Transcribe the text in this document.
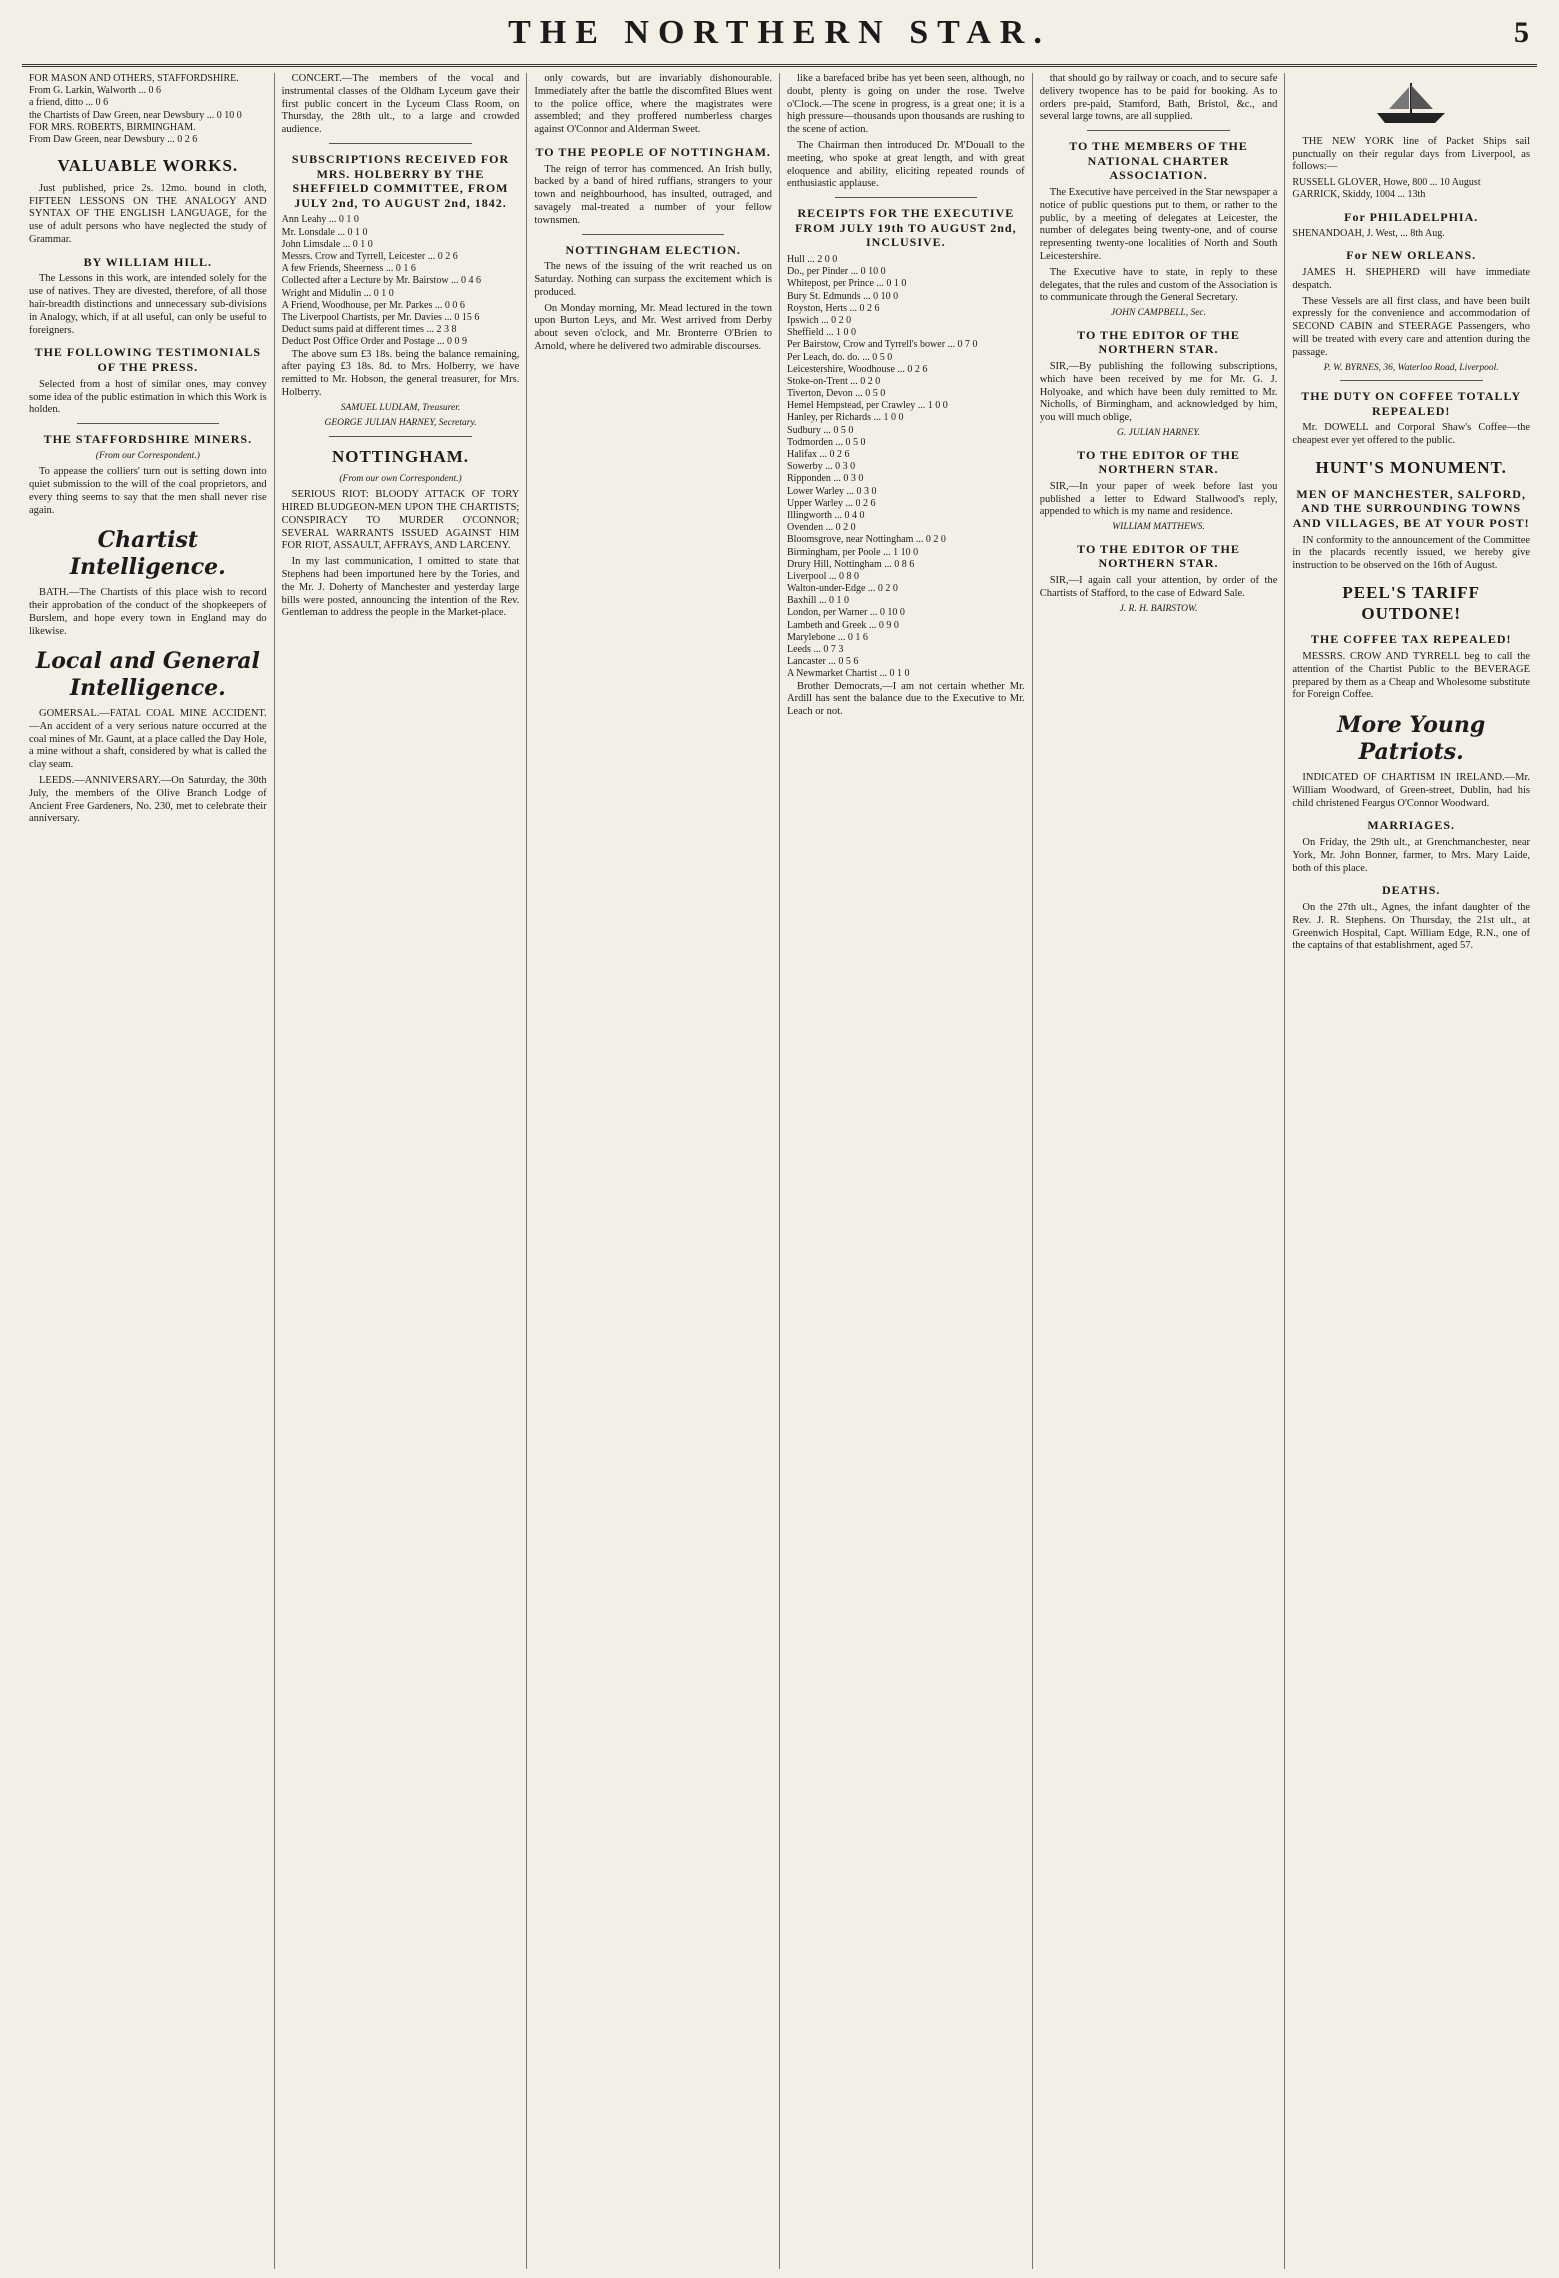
THE NORTHERN STAR.	5
FOR MASON AND OTHERS, STAFFORDSHIRE.
From G. Larkin, Walworth ... 0 6
a friend, ditto ... 0 6
the Chartists of Daw Green, near Dewsbury ... 0 10 0
FOR MRS. ROBERTS, BIRMINGHAM.
From Daw Green, near Dewsbury ... 0 2 6
VALUABLE WORKS.

Just published, price 2s. 12mo. bound in cloth, FIFTEEN LESSONS ON THE ANALOGY AND SYNTAX OF THE ENGLISH LANGUAGE, for the use of adult persons who have neglected the study of Grammar.

BY WILLIAM HILL.

The Lessons in this work, are intended solely for the use of natives. They are divested, therefore, of all those hair-breadth distinctions and unnecessary sub-divisions in Analogy, which, if at all useful, can only be useful to foreigners.

THE FOLLOWING TESTIMONIALS OF THE PRESS.

Selected from a host of similar ones, may convey some idea of the public estimation in which this Work is holden.

THE STAFFORDSHIRE MINERS.
(From our Correspondent.)

To appease the colliers' turn out is setting down into quiet submission to the will of the coal proprietors, and every thing seems to say that the men shall never rise again.

Chartist Intelligence.

BATH.—The Chartists of this place wish to record their approbation of the conduct of the shopkeepers of Burslem, and hope every town in England may do likewise.

Local and General Intelligence.

GOMERSAL.—FATAL COAL MINE ACCIDENT.—An accident of a very serious nature occurred at the coal mines of Mr. Gaunt, at a place called the Day Hole, a mine without a shaft, considered by what is called the clay seam.

LEEDS.—ANNIVERSARY.—On Saturday, the 30th July, the members of the Olive Branch Lodge of Ancient Free Gardeners, No. 230, met to celebrate their anniversary.

CONCERT.—The members of the vocal and instrumental classes of the Oldham Lyceum gave their first public concert in the Lyceum Class Room, on Thursday, the 28th ult., to a large and crowded audience.

SUBSCRIPTIONS RECEIVED FOR MRS. HOLBERRY BY THE SHEFFIELD COMMITTEE, FROM JULY 2nd, TO AUGUST 2nd, 1842.
Ann Leahy ... 0 1 0
Mr. Lonsdale ... 0 1 0
John Limsdale ... 0 1 0
Messrs. Crow and Tyrrell, Leicester ... 0 2 6
A few Friends, Sheerness ... 0 1 6
Collected after a Lecture by Mr. Bairstow ... 0 4 6
Wright and Midulin ... 0 1 0
A Friend, Woodhouse, per Mr. Parkes ... 0 0 6
The Liverpool Chartists, per Mr. Davies ... 0 15 6
Deduct sums paid at different times ... 2 3 8
Deduct Post Office Order and Postage ... 0 0 9

The above sum £3 18s. being the balance remaining, after paying £3 18s. 8d. to Mrs. Holberry, we have remitted to Mr. Hobson, the general treasurer, for Mrs. Holberry.

SAMUEL LUDLAM, Treasurer.
GEORGE JULIAN HARNEY, Secretary.
NOTTINGHAM.
(From our own Correspondent.)

SERIOUS RIOT: BLOODY ATTACK OF TORY HIRED BLUDGEON-MEN UPON THE CHARTISTS; CONSPIRACY TO MURDER O'CONNOR; SEVERAL WARRANTS ISSUED AGAINST HIM FOR RIOT, ASSAULT, AFFRAYS, AND LARCENY.

In my last communication, I omitted to state that Stephens had been importuned here by the Tories, and the Mr. J. Doherty of Manchester and yesterday large bills were posted, announcing the intention of the Rev. Gentleman to address the people in the Market-place.

only cowards, but are invariably dishonourable. Immediately after the battle the discomfited Blues went to the police office, where the magistrates were assembled; and they proffered numberless charges against O'Connor and Alderman Sweet.

TO THE PEOPLE OF NOTTINGHAM.

The reign of terror has commenced. An Irish bully, backed by a band of hired ruffians, strangers to your town and neighbourhood, has insulted, outraged, and savagely mal-treated a number of your fellow townsmen.

NOTTINGHAM ELECTION.

The news of the issuing of the writ reached us on Saturday. Nothing can surpass the excitement which is produced.

On Monday morning, Mr. Mead lectured in the town upon Burton Leys, and Mr. West arrived from Derby about seven o'clock, and Mr. Bronterre O'Brien to Arnold, where he delivered two admirable discourses.

like a barefaced bribe has yet been seen, although, no doubt, plenty is going on under the rose. Twelve o'Clock.—The scene in progress, is a great one; it is a high pressure—thousands upon thousands are rushing to the scene of action.

The Chairman then introduced Dr. M'Douall to the meeting, who spoke at great length, and with great eloquence and ability, eliciting repeated rounds of enthusiastic applause.

RECEIPTS FOR THE EXECUTIVE FROM JULY 19th TO AUGUST 2nd, INCLUSIVE.
Hull ... 2 0 0
Do., per Pinder ... 0 10 0
Whitepost, per Prince ... 0 1 0
Bury St. Edmunds ... 0 10 0
Royston, Herts ... 0 2 6
Ipswich ... 0 2 0
Sheffield ... 1 0 0
Per Bairstow, Crow and Tyrrell's bower ... 0 7 0
Per Leach, do. do. ... 0 5 0
Leicestershire, Woodhouse ... 0 2 6
Stoke-on-Trent ... 0 2 0
Tiverton, Devon ... 0 5 0
Hemel Hempstead, per Crawley ... 1 0 0
Hanley, per Richards ... 1 0 0
Sudbury ... 0 5 0
Todmorden ... 0 5 0
Halifax ... 0 2 6
Sowerby ... 0 3 0
Ripponden ... 0 3 0
Lower Warley ... 0 3 0
Upper Warley ... 0 2 6
Illingworth ... 0 4 0
Ovenden ... 0 2 0
Bloomsgrove, near Nottingham ... 0 2 0
Birmingham, per Poole ... 1 10 0
Drury Hill, Nottingham ... 0 8 6
Liverpool ... 0 8 0
Walton-under-Edge ... 0 2 0
Baxhill ... 0 1 0
London, per Warner ... 0 10 0
Lambeth and Greek ... 0 9 0
Marylebone ... 0 1 6
Leeds ... 0 7 3
Lancaster ... 0 5 6
A Newmarket Chartist ... 0 1 0

Brother Democrats,—I am not certain whether Mr. Ardill has sent the balance due to the Executive to Mr. Leach or not.

that should go by railway or coach, and to secure safe delivery twopence has to be paid for booking. As to orders pre-paid, Stamford, Bath, Bristol, &c., and several large towns, are all supplied.

TO THE MEMBERS OF THE NATIONAL CHARTER ASSOCIATION.

The Executive have perceived in the Star newspaper a notice of public questions put to them, or rather to the public, by a meeting of delegates at Leicester, the number of delegates being twenty-one, and of course representing twenty-one localities of North and South Leicestershire.

The Executive have to state, in reply to these delegates, that the rules and custom of the Association is to communicate through the General Secretary.

JOHN CAMPBELL, Sec.
TO THE EDITOR OF THE NORTHERN STAR.

SIR,—By publishing the following subscriptions, which have been received by me for Mr. G. J. Holyoake, and which have been duly remitted to Mr. Nicholls, of Birmingham, and acknowledged by him, you will much oblige,

G. JULIAN HARNEY.
TO THE EDITOR OF THE NORTHERN STAR.

SIR,—In your paper of week before last you published a letter to Edward Stallwood's reply, appended to which is my name and residence.

WILLIAM MATTHEWS.
TO THE EDITOR OF THE NORTHERN STAR.

SIR,—I again call your attention, by order of the Chartists of Stafford, to the case of Edward Sale.

J. R. H. BAIRSTOW.

THE NEW YORK line of Packet Ships sail punctually on their regular days from Liverpool, as follows:—

RUSSELL GLOVER, Howe, 800 ... 10 August
GARRICK, Skiddy, 1004 ... 13th
For PHILADELPHIA.
SHENANDOAH, J. West, ... 8th Aug.
For NEW ORLEANS.

JAMES H. SHEPHERD will have immediate despatch.

These Vessels are all first class, and have been built expressly for the convenience and accommodation of SECOND CABIN and STEERAGE Passengers, who will be treated with every care and attention during the passage.

P. W. BYRNES, 36, Waterloo Road, Liverpool.
THE DUTY ON COFFEE TOTALLY REPEALED!

Mr. DOWELL and Corporal Shaw's Coffee—the cheapest ever yet offered to the public.

HUNT'S MONUMENT.
MEN OF MANCHESTER, SALFORD, AND THE SURROUNDING TOWNS AND VILLAGES, BE AT YOUR POST!

IN conformity to the announcement of the Committee in the placards recently issued, we hereby give instruction to be observed on the 16th of August.

PEEL'S TARIFF OUTDONE!
THE COFFEE TAX REPEALED!

MESSRS. CROW AND TYRRELL beg to call the attention of the Chartist Public to the BEVERAGE prepared by them as a Cheap and Wholesome substitute for Foreign Coffee.

More Young Patriots.

INDICATED OF CHARTISM IN IRELAND.—Mr. William Woodward, of Green-street, Dublin, had his child christened Feargus O'Connor Woodward.

MARRIAGES.

On Friday, the 29th ult., at Grenchmanchester, near York, Mr. John Bonner, farmer, to Mrs. Mary Laide, both of this place.

DEATHS.

On the 27th ult., Agnes, the infant daughter of the Rev. J. R. Stephens. On Thursday, the 21st ult., at Greenwich Hospital, Capt. William Edge, R.N., one of the captains of that establishment, aged 57.
